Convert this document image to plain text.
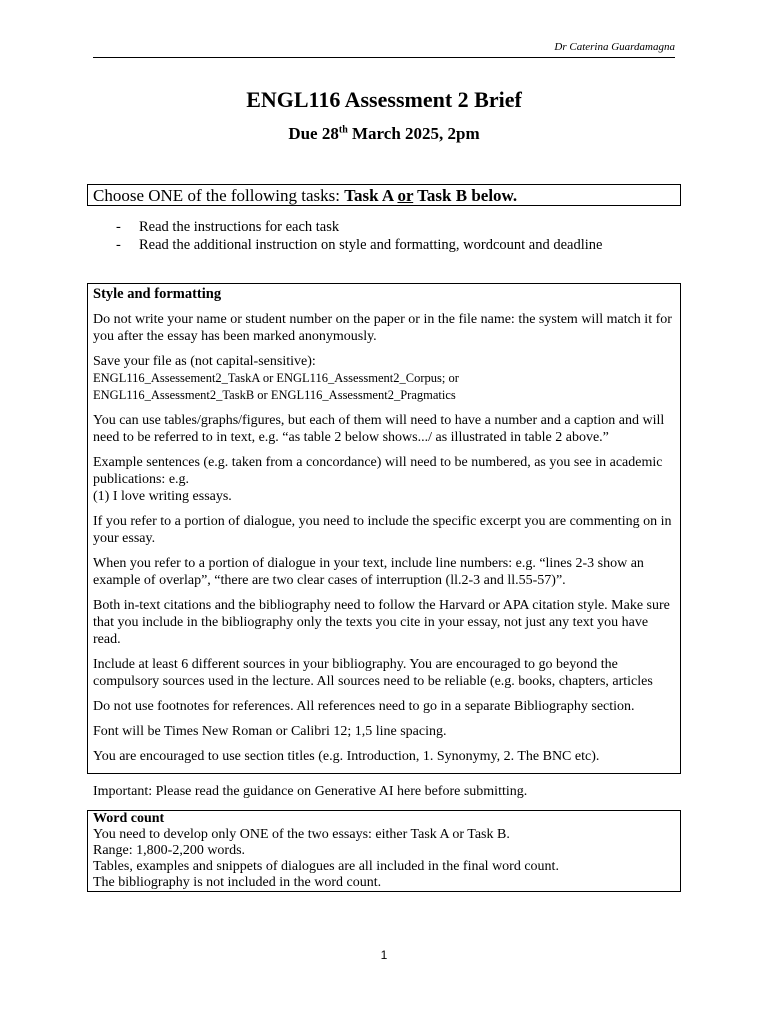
Dr Caterina Guardamagna
ENGL116 Assessment 2 Brief
Due 28th March 2025, 2pm
Choose ONE of the following tasks: Task A or Task B below.
-	Read the instructions for each task
-	Read the additional instruction on style and formatting, wordcount and deadline
Style and formatting

Do not write your name or student number on the paper or in the file name: the system will match it for you after the essay has been marked anonymously.

Save your file as (not capital-sensitive):
ENGL116_Assessement2_TaskA or ENGL116_Assessment2_Corpus; or
ENGL116_Assessment2_TaskB or ENGL116_Assessment2_Pragmatics

You can use tables/graphs/figures, but each of them will need to have a number and a caption and will need to be referred to in text, e.g. “as table 2 below shows.../ as illustrated in table 2 above.”

Example sentences (e.g. taken from a concordance) will need to be numbered, as you see in academic publications: e.g.
(1) I love writing essays.

If you refer to a portion of dialogue, you need to include the specific excerpt you are commenting on in your essay.

When you refer to a portion of dialogue in your text, include line numbers: e.g. “lines 2-3 show an example of overlap”, “there are two clear cases of interruption (ll.2-3 and ll.55-57)”.

Both in-text citations and the bibliography need to follow the Harvard or APA citation style. Make sure that you include in the bibliography only the texts you cite in your essay, not just any text you have read.

Include at least 6 different sources in your bibliography. You are encouraged to go beyond the compulsory sources used in the lecture. All sources need to be reliable (e.g. books, chapters, articles

Do not use footnotes for references. All references need to go in a separate Bibliography section.

Font will be Times New Roman or Calibri 12; 1,5 line spacing.

You are encouraged to use section titles (e.g. Introduction, 1. Synonymy, 2. The BNC etc).

Important: Please read the guidance on Generative AI here before submitting.
Word count
You need to develop only ONE of the two essays: either Task A or Task B.
Range: 1,800-2,200 words.
Tables, examples and snippets of dialogues are all included in the final word count.
The bibliography is not included in the word count.
1
